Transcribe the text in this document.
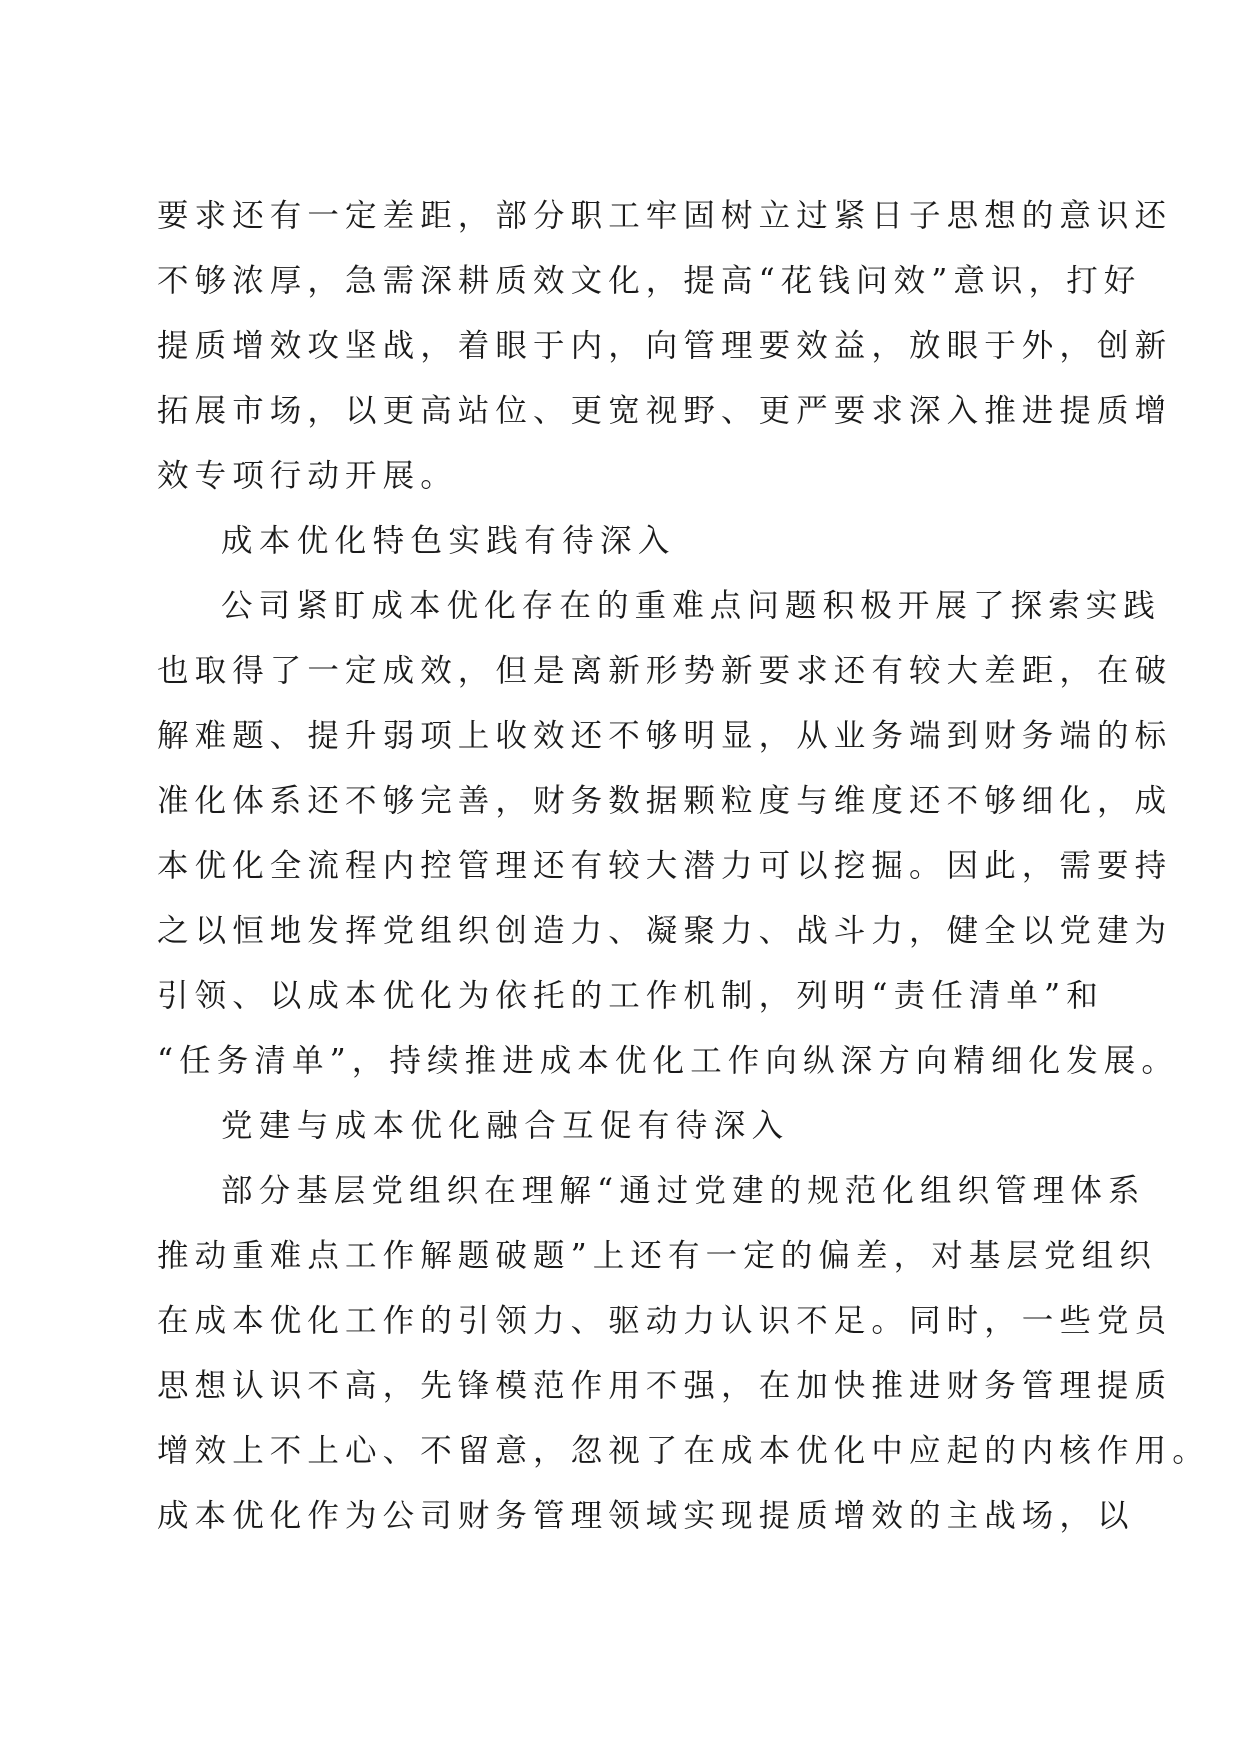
要求还有一定差距，部分职工牢固树立过紧日子思想的意识还
不够浓厚，急需深耕质效文化，提高“花钱问效”意识，打好
提质增效攻坚战，着眼于内，向管理要效益，放眼于外，创新
拓展市场，以更高站位、更宽视野、更严要求深入推进提质增
效专项行动开展。
成本优化特色实践有待深入
公司紧盯成本优化存在的重难点问题积极开展了探索实践
也取得了一定成效，但是离新形势新要求还有较大差距，在破
解难题、提升弱项上收效还不够明显，从业务端到财务端的标
准化体系还不够完善，财务数据颗粒度与维度还不够细化，成
本优化全流程内控管理还有较大潜力可以挖掘。因此，需要持
之以恒地发挥党组织创造力、凝聚力、战斗力，健全以党建为
引领、以成本优化为依托的工作机制，列明“责任清单”和
“任务清单”，持续推进成本优化工作向纵深方向精细化发展。
党建与成本优化融合互促有待深入
部分基层党组织在理解“通过党建的规范化组织管理体系
推动重难点工作解题破题”上还有一定的偏差，对基层党组织
在成本优化工作的引领力、驱动力认识不足。同时，一些党员
思想认识不高，先锋模范作用不强，在加快推进财务管理提质
增效上不上心、不留意，忽视了在成本优化中应起的内核作用。
成本优化作为公司财务管理领域实现提质增效的主战场，以
